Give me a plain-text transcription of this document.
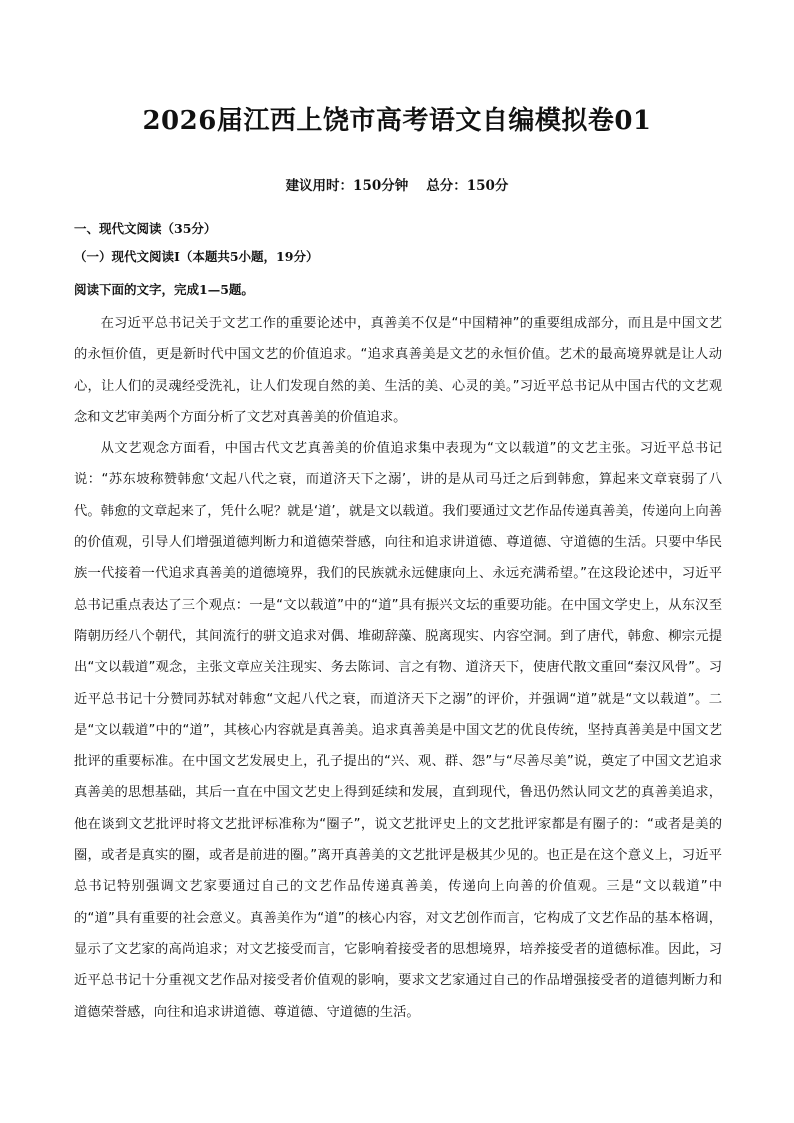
2026届江西上饶市高考语文自编模拟卷01
建议用时：150分钟 总分：150分
一、现代文阅读（35分）
（一）现代文阅读Ⅰ（本题共5小题，19分）
阅读下面的文字，完成1—5题。

在习近平总书记关于文艺工作的重要论述中，真善美不仅是“中国精神”的重要组成部分，而且是中国文艺的永恒价值，更是新时代中国文艺的价值追求。“追求真善美是文艺的永恒价值。艺术的最高境界就是让人动心，让人们的灵魂经受洗礼，让人们发现自然的美、生活的美、心灵的美。”习近平总书记从中国古代的文艺观念和文艺审美两个方面分析了文艺对真善美的价值追求。

从文艺观念方面看，中国古代文艺真善美的价值追求集中表现为“文以载道”的文艺主张。习近平总书记说：“苏东坡称赞韩愈‘文起八代之衰，而道济天下之溺’，讲的是从司马迁之后到韩愈，算起来文章衰弱了八代。韩愈的文章起来了，凭什么呢？就是‘道’，就是文以载道。我们要通过文艺作品传递真善美，传递向上向善的价值观，引导人们增强道德判断力和道德荣誉感，向往和追求讲道德、尊道德、守道德的生活。只要中华民族一代接着一代追求真善美的道德境界，我们的民族就永远健康向上、永远充满希望。”在这段论述中，习近平总书记重点表达了三个观点：一是“文以载道”中的“道”具有振兴文坛的重要功能。在中国文学史上，从东汉至隋朝历经八个朝代，其间流行的骈文追求对偶、堆砌辞藻、脱离现实、内容空洞。到了唐代，韩愈、柳宗元提出“文以载道”观念，主张文章应关注现实、务去陈词、言之有物、道济天下，使唐代散文重回“秦汉风骨”。习近平总书记十分赞同苏轼对韩愈“文起八代之衰，而道济天下之溺”的评价，并强调“道”就是“文以载道”。二是“文以载道”中的“道”，其核心内容就是真善美。追求真善美是中国文艺的优良传统，坚持真善美是中国文艺批评的重要标准。在中国文艺发展史上，孔子提出的“兴、观、群、怨”与“尽善尽美”说，奠定了中国文艺追求真善美的思想基础，其后一直在中国文艺史上得到延续和发展，直到现代，鲁迅仍然认同文艺的真善美追求，他在谈到文艺批评时将文艺批评标准称为“圈子”，说文艺批评史上的文艺批评家都是有圈子的：“或者是美的圈，或者是真实的圈，或者是前进的圈。”离开真善美的文艺批评是极其少见的。也正是在这个意义上，习近平总书记特别强调文艺家要通过自己的文艺作品传递真善美，传递向上向善的价值观。三是“文以载道”中的“道”具有重要的社会意义。真善美作为“道”的核心内容，对文艺创作而言，它构成了文艺作品的基本格调，显示了文艺家的高尚追求；对文艺接受而言，它影响着接受者的思想境界，培养接受者的道德标准。因此，习近平总书记十分重视文艺作品对接受者价值观的影响，要求文艺家通过自己的作品增强接受者的道德判断力和道德荣誉感，向往和追求讲道德、尊道德、守道德的生活。
